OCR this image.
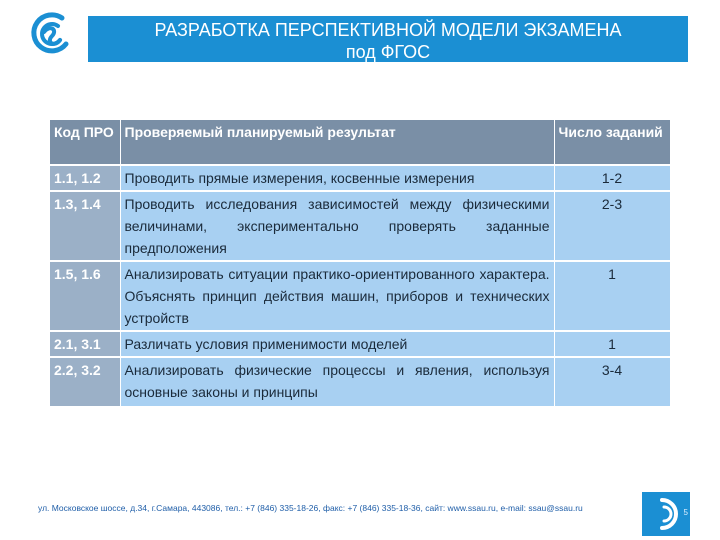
РАЗРАБОТКА ПЕРСПЕКТИВНОЙ МОДЕЛИ ЭКЗАМЕНА
под ФГОС
Код ПРО	Проверяемый планируемый результат	Число заданий
1.1, 1.2	Проводить прямые измерения, косвенные измерения	1-2
1.3, 1.4	Проводить исследования зависимостей между физическими величинами, экспериментально проверять заданные предположения	2-3
1.5, 1.6	Анализировать ситуации практико-ориентированного характера. Объяснять принцип действия машин, приборов и технических устройств	1
2.1, 3.1	Различать условия применимости моделей	1
2.2, 3.2	Анализировать физические процессы и явления, используя основные законы и принципы	3-4
ул. Московское шоссе, д.34, г.Самара, 443086, тел.: +7 (846) 335-18-26, факс: +7 (846) 335-18-36, сайт: www.ssau.ru, e-mail: ssau@ssau.ru	5
